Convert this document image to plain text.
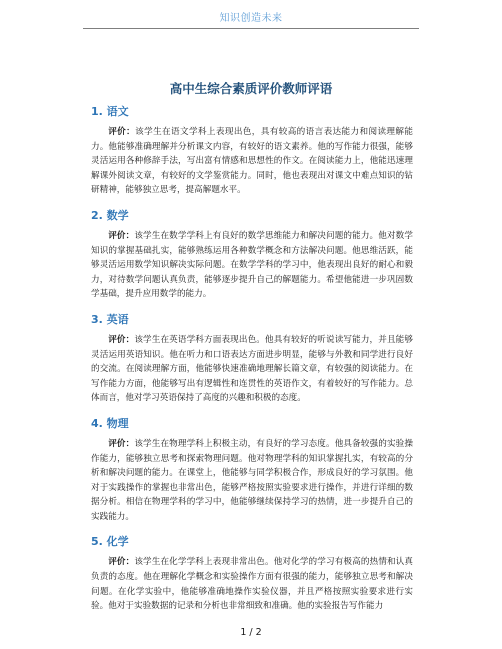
知识创造未来
高中生综合素质评价教师评语
1. 语文

评价：该学生在语文学科上表现出色，具有较高的语言表达能力和阅读理解能力。他能够准确理解并分析课文内容，有较好的语文素养。他的写作能力很强，能够灵活运用各种修辞手法，写出富有情感和思想性的作文。在阅读能力上，他能迅速理解课外阅读文章，有较好的文学鉴赏能力。同时，他也表现出对课文中难点知识的钻研精神，能够独立思考，提高解题水平。

2. 数学

评价：该学生在数学学科上有良好的数学思维能力和解决问题的能力。他对数学知识的掌握基础扎实，能够熟练运用各种数学概念和方法解决问题。他思维活跃，能够灵活运用数学知识解决实际问题。在数学学科的学习中，他表现出良好的耐心和毅力，对待数学问题认真负责，能够逐步提升自己的解题能力。希望他能进一步巩固数学基础，提升应用数学的能力。

3. 英语

评价：该学生在英语学科方面表现出色。他具有较好的听说读写能力，并且能够灵活运用英语知识。他在听力和口语表达方面进步明显，能够与外教和同学进行良好的交流。在阅读理解方面，他能够快速准确地理解长篇文章，有较强的阅读能力。在写作能力方面，他能够写出有逻辑性和连贯性的英语作文，有着较好的写作能力。总体而言，他对学习英语保持了高度的兴趣和积极的态度。

4. 物理

评价：该学生在物理学科上积极主动，有良好的学习态度。他具备较强的实验操作能力，能够独立思考和探索物理问题。他对物理学科的知识掌握扎实，有较高的分析和解决问题的能力。在课堂上，他能够与同学积极合作，形成良好的学习氛围。他对于实践操作的掌握也非常出色，能够严格按照实验要求进行操作，并进行详细的数据分析。相信在物理学科的学习中，他能够继续保持学习的热情，进一步提升自己的实践能力。

5. 化学

评价：该学生在化学学科上表现非常出色。他对化学的学习有极高的热情和认真负责的态度。他在理解化学概念和实验操作方面有很强的能力，能够独立思考和解决问题。在化学实验中，他能够准确地操作实验仪器，并且严格按照实验要求进行实验。他对于实验数据的记录和分析也非常细致和准确。他的实验报告写作能力

1 / 2
